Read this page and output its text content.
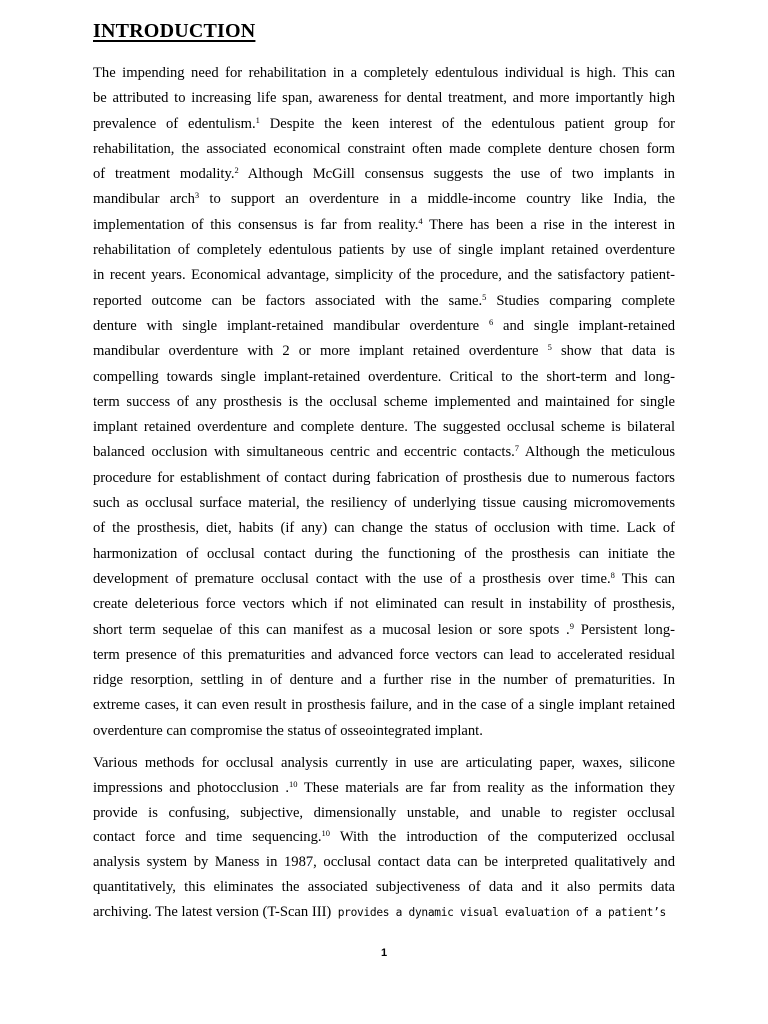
INTRODUCTION

The impending need for rehabilitation in a completely edentulous individual is high. This can
be attributed to increasing life span, awareness for dental treatment, and more importantly high
prevalence of edentulism.$^1$ Despite the keen interest of the edentulous patient group for
rehabilitation, the associated economical constraint often made complete denture chosen form
of treatment modality.$^2$ Although McGill consensus suggests the use of two implants in
mandibular arch$^3$ to support an overdenture in a middle-income country like India, the
implementation of this consensus is far from reality.$^4$ There has been a rise in the interest in
rehabilitation of completely edentulous patients by use of single implant retained overdenture
in recent years. Economical advantage, simplicity of the procedure, and the satisfactory patient-
reported outcome can be factors associated with the same.$^5$ Studies comparing complete
denture with single implant-retained mandibular overdenture $^6$ and single implant-retained
mandibular overdenture with 2 or more implant retained overdenture $^5$ show that data is
compelling towards single implant-retained overdenture. Critical to the short-term and long-
term success of any prosthesis is the occlusal scheme implemented and maintained for single
implant retained overdenture and complete denture. The suggested occlusal scheme is bilateral
balanced occlusion with simultaneous centric and eccentric contacts.$^7$ Although the meticulous
procedure for establishment of contact during fabrication of prosthesis due to numerous factors
such as occlusal surface material, the resiliency of underlying tissue causing micromovements
of the prosthesis, diet, habits (if any) can change the status of occlusion with time. Lack of
harmonization of occlusal contact during the functioning of the prosthesis can initiate the
development of premature occlusal contact with the use of a prosthesis over time.$^8$ This can
create deleterious force vectors which if not eliminated can result in instability of prosthesis,
short term sequelae of this can manifest as a mucosal lesion or sore spots .$^9$ Persistent long-
term presence of this prematurities and advanced force vectors can lead to accelerated residual
ridge resorption, settling in of denture and a further rise in the number of prematurities. In
extreme cases, it can even result in prosthesis failure, and in the case of a single implant retained
overdenture can compromise the status of osseointegrated implant.

Various methods for occlusal analysis currently in use are articulating paper, waxes, silicone
impressions and photocclusion .$^{10}$ These materials are far from reality as the information they
provide is confusing, subjective, dimensionally unstable, and unable to register occlusal
contact force and time sequencing.$^{10}$ With the introduction of the computerized occlusal
analysis system by Maness in 1987, occlusal contact data can be interpreted qualitatively and
quantitatively, this eliminates the associated subjectiveness of data and it also permits data
archiving. The latest version (T-Scan III) provides a dynamic visual evaluation of a patient’s

1
